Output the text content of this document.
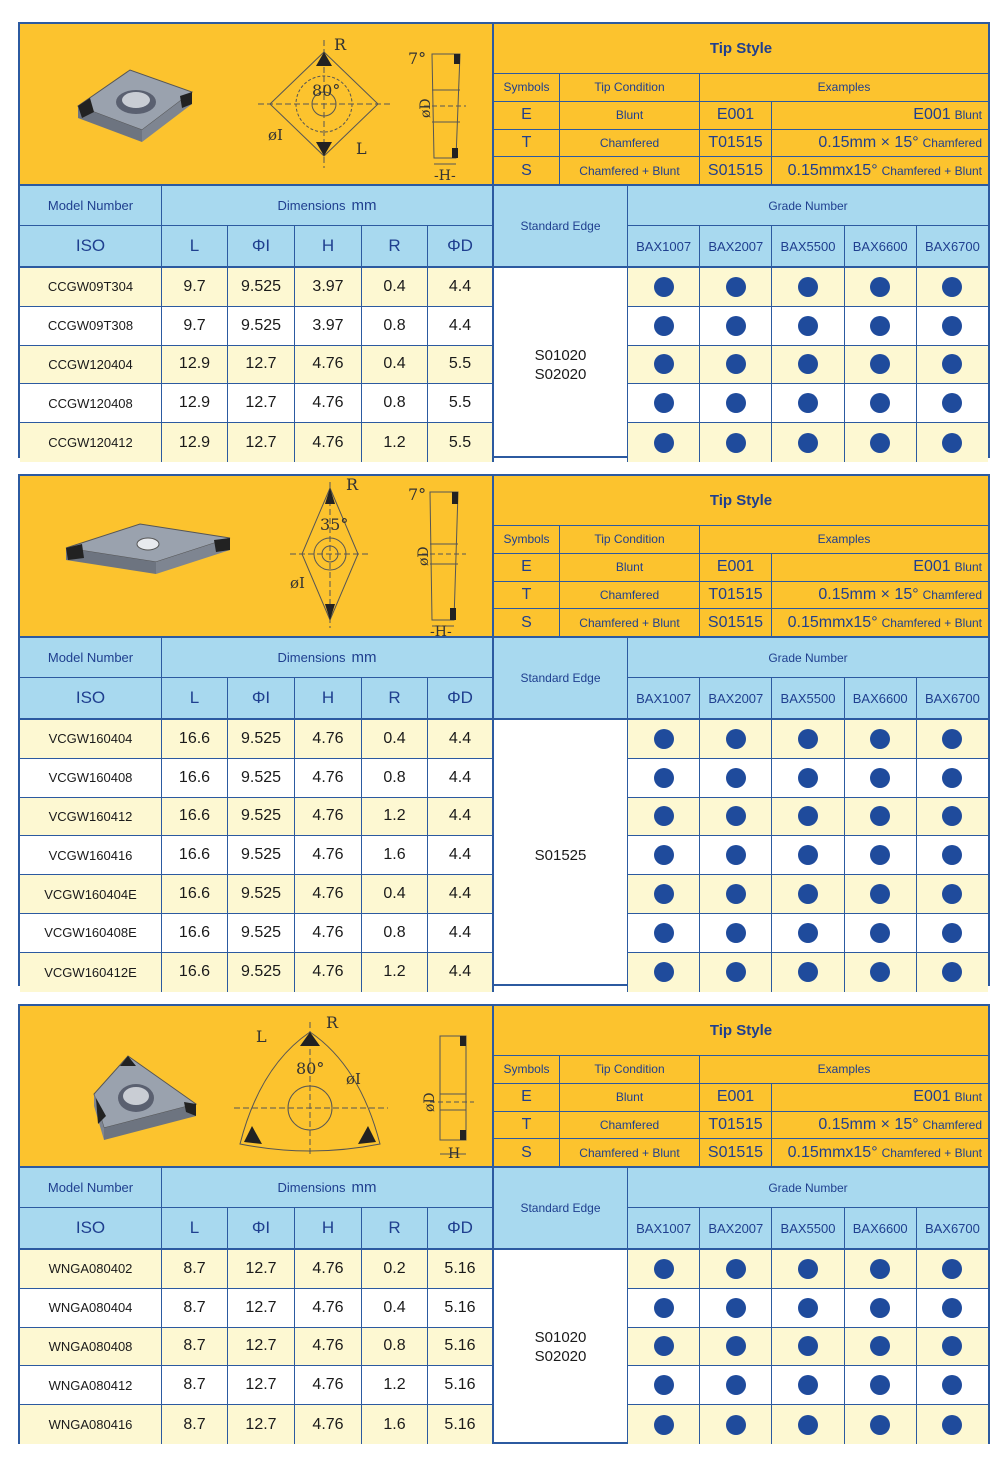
80°
R
L
øI
7°
øD
-H-
Tip Style
Symbols	Tip Condition	Examples
E	Blunt	E001	E001 Blunt
T	Chamfered	T01515	0.15mm × 15° Chamfered
S	Chamfered + Blunt	S01515	0.15mmx15° Chamfered + Blunt
Model Number	Dimensions mm
ISO	L	ΦI	H	R	ΦD
Standard Edge
Grade Number
BAX1007	BAX2007	BAX5500	BAX6600	BAX6700
CCGW09T304	9.7	9.525	3.97	0.4	4.4
CCGW09T308	9.7	9.525	3.97	0.8	4.4
CCGW120404	12.9	12.7	4.76	0.4	5.5
CCGW120408	12.9	12.7	4.76	0.8	5.5
CCGW120412	12.9	12.7	4.76	1.2	5.5
S01020
S02020
35°
R
øI
7°
øD
-H-
Tip Style
Symbols	Tip Condition	Examples
E	Blunt	E001	E001 Blunt
T	Chamfered	T01515	0.15mm × 15° Chamfered
S	Chamfered + Blunt	S01515	0.15mmx15° Chamfered + Blunt
Model Number	Dimensions mm
ISO	L	ΦI	H	R	ΦD
Standard Edge
Grade Number
BAX1007	BAX2007	BAX5500	BAX6600	BAX6700
VCGW160404	16.6	9.525	4.76	0.4	4.4
VCGW160408	16.6	9.525	4.76	0.8	4.4
VCGW160412	16.6	9.525	4.76	1.2	4.4
VCGW160416	16.6	9.525	4.76	1.6	4.4
VCGW160404E	16.6	9.525	4.76	0.4	4.4
VCGW160408E	16.6	9.525	4.76	0.8	4.4
VCGW160412E	16.6	9.525	4.76	1.2	4.4
S01525
80°
R
L
øI
øD
H
Tip Style
Symbols	Tip Condition	Examples
E	Blunt	E001	E001 Blunt
T	Chamfered	T01515	0.15mm × 15° Chamfered
S	Chamfered + Blunt	S01515	0.15mmx15° Chamfered + Blunt
Model Number	Dimensions mm
ISO	L	ΦI	H	R	ΦD
Standard Edge
Grade Number
BAX1007	BAX2007	BAX5500	BAX6600	BAX6700
WNGA080402	8.7	12.7	4.76	0.2	5.16
WNGA080404	8.7	12.7	4.76	0.4	5.16
WNGA080408	8.7	12.7	4.76	0.8	5.16
WNGA080412	8.7	12.7	4.76	1.2	5.16
WNGA080416	8.7	12.7	4.76	1.6	5.16
S01020
S02020
